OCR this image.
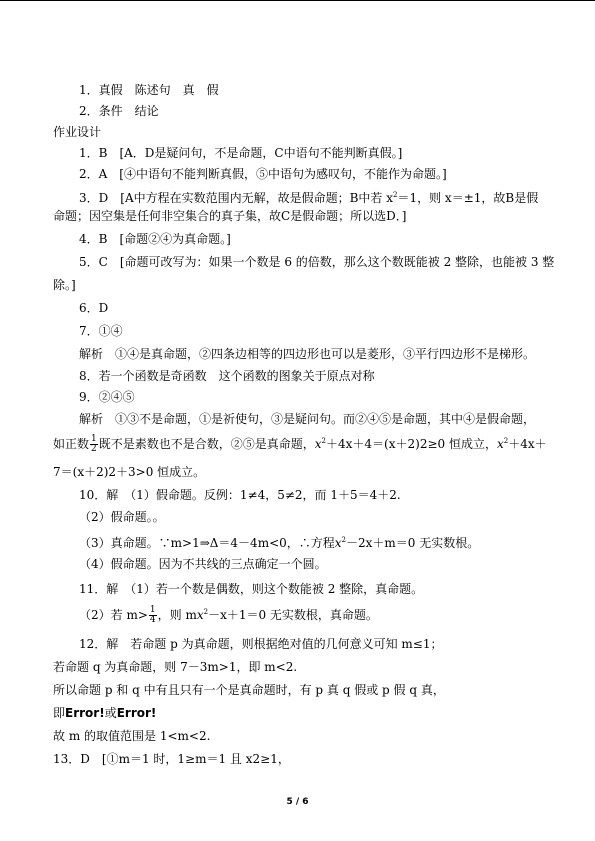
1．真假　陈述句　真　假
2．条件　结论
作业设计
1．B　[A．D是疑问句，不是命题，C中语句不能判断真假。]
2．A　[④中语句不能判断真假，⑤中语句为感叹句，不能作为命题。]
3．D　[A中方程在实数范围内无解，故是假命题；B中若 $x^2=1$，则 x＝±1，故B是假
命题；因空集是任何非空集合的真子集，故C是假命题；所以选D．]
4．B　[命题②④为真命题。]
5．C　[命题可改写为：如果一个数是 6 的倍数，那么这个数既能被 2 整除，也能被 3 整
除。]
6．D
7．①④
解析　①④是真命题，②四条边相等的四边形也可以是菱形，③平行四边形不是梯形。
8．若一个函数是奇函数　这个函数的图象关于原点对称
9．②④⑤
解析　①③不是命题，①是祈使句，③是疑问句。而②④⑤是命题，其中④是假命题，
如正数 $\frac{1}{2}$ 既不是素数也不是合数，②⑤是真命题，$x^2+4x+4=(x+2)2\ge 0$ 恒成立，$x^2+4x+$
7＝(x＋2)2＋3>0 恒成立。
10．解　（1）假命题。反例：1≠4，5≠2，而 1＋5＝4＋2.
（2）假命题。。
（3）真命题。∵m>1⇒Δ＝4－4m<0，∴方程$x^2-2x+m=0$ 无实数根。
（4）假命题。因为不共线的三点确定一个圆。
11．解　（1）若一个数是偶数，则这个数能被 2 整除，真命题。
（2）若 $m> \frac{1}{4}$ ，则 $mx^2-x+1=0$ 无实数根，真命题。
12．解　若命题 p 为真命题，则根据绝对值的几何意义可知 m≤1；
若命题 q 为真命题，则 7－3m>1，即 m<2.
所以命题 p 和 q 中有且只有一个是真命题时，有 p 真 q 假或 p 假 q 真，
即Error!或Error!
故 m 的取值范围是 1<m<2.
13．D　[①m＝1 时，1≥m＝1 且 x2≥1，
5 / 6
